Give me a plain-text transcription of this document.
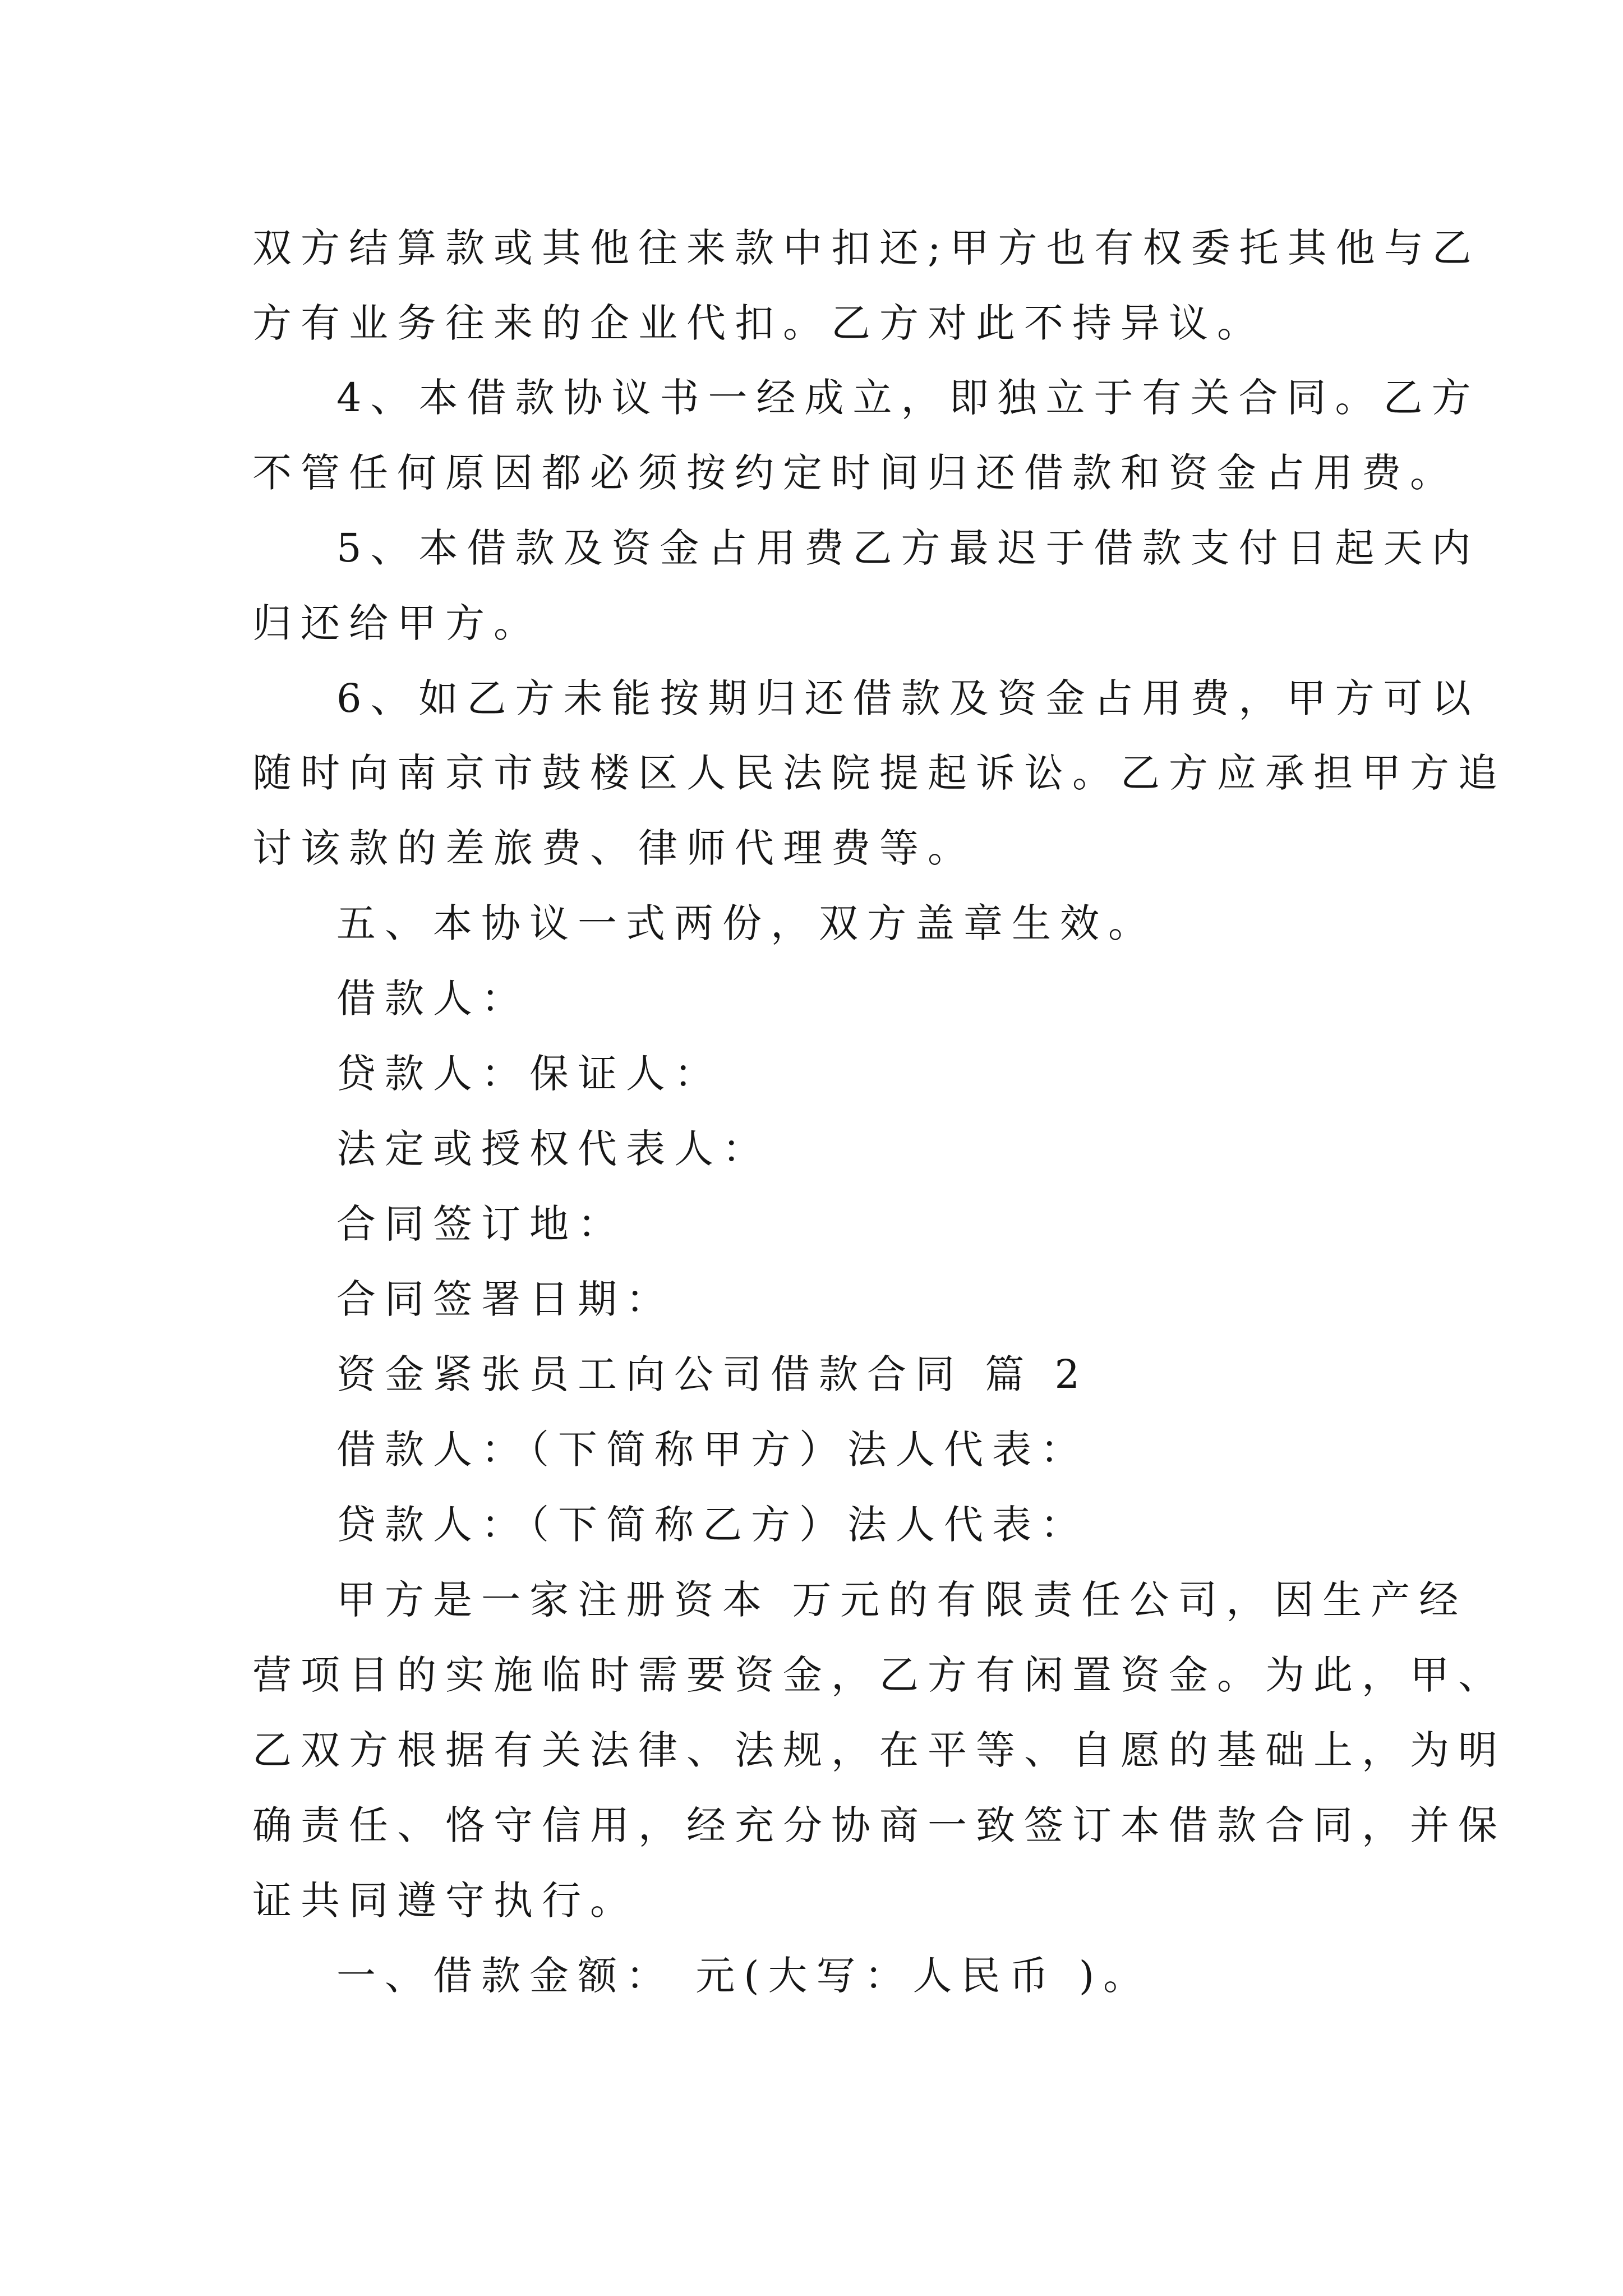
双方结算款或其他往来款中扣还;甲方也有权委托其他与乙
方有业务往来的企业代扣。乙方对此不持异议。
4、本借款协议书一经成立，即独立于有关合同。乙方
不管任何原因都必须按约定时间归还借款和资金占用费。
5、本借款及资金占用费乙方最迟于借款支付日起天内
归还给甲方。
6、如乙方未能按期归还借款及资金占用费，甲方可以
随时向南京市鼓楼区人民法院提起诉讼。乙方应承担甲方追
讨该款的差旅费、律师代理费等。
五、本协议一式两份，双方盖章生效。
借款人：
贷款人：保证人：
法定或授权代表人：
合同签订地：
合同签署日期：
资金紧张员工向公司借款合同 篇 2
借款人：（下简称甲方）法人代表：
贷款人：（下简称乙方）法人代表：
甲方是一家注册资本 万元的有限责任公司，因生产经
营项目的实施临时需要资金，乙方有闲置资金。为此，甲、
乙双方根据有关法律、法规，在平等、自愿的基础上，为明
确责任、恪守信用，经充分协商一致签订本借款合同，并保
证共同遵守执行。
一、借款金额： 元(大写：人民币 )。
